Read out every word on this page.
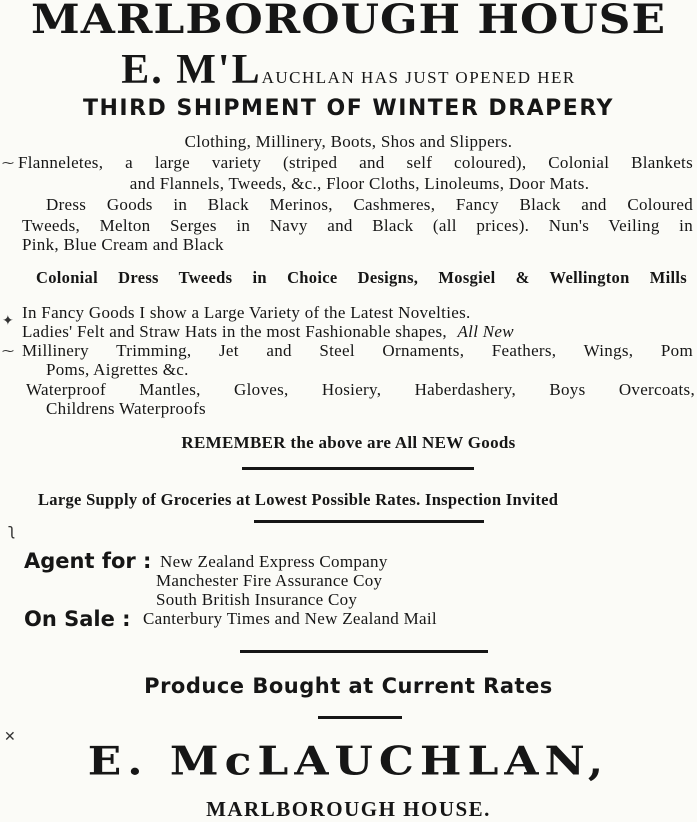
MARLBOROUGH HOUSE
E. M'LAUCHLAN HAS JUST OPENED HER
THIRD SHIPMENT OF WINTER DRAPERY
Clothing, Millinery, Boots, Shos and Slippers.
Flanneletes, a large variety (striped and self coloured), Colonial Blankets
and Flannels, Tweeds, &c., Floor Cloths, Linoleums, Door Mats.
Dress Goods in Black Merinos, Cashmeres, Fancy Black and Coloured
Tweeds, Melton Serges in Navy and Black (all prices). Nun's Veiling in
Pink, Blue Cream and Black
Colonial Dress Tweeds in Choice Designs, Mosgiel & Wellington Mills
In Fancy Goods I show a Large Variety of the Latest Novelties.
Ladies' Felt and Straw Hats in the most Fashionable shapes, All New
Millinery Trimming, Jet and Steel Ornaments, Feathers, Wings, Pom
Poms, Aigrettes &c.
Waterproof Mantles, Gloves, Hosiery, Haberdashery, Boys Overcoats,
Childrens Waterproofs
REMEMBER the above are All NEW Goods
Large Supply of Groceries at Lowest Possible Rates. Inspection Invited
Agent for : New Zealand Express Company
Manchester Fire Assurance Coy
South British Insurance Coy
On Sale : Canterbury Times and New Zealand Mail
Produce Bought at Current Rates
E. McLAUCHLAN,
MARLBOROUGH HOUSE.
⁓
✦
⁓
ʅ
✕
